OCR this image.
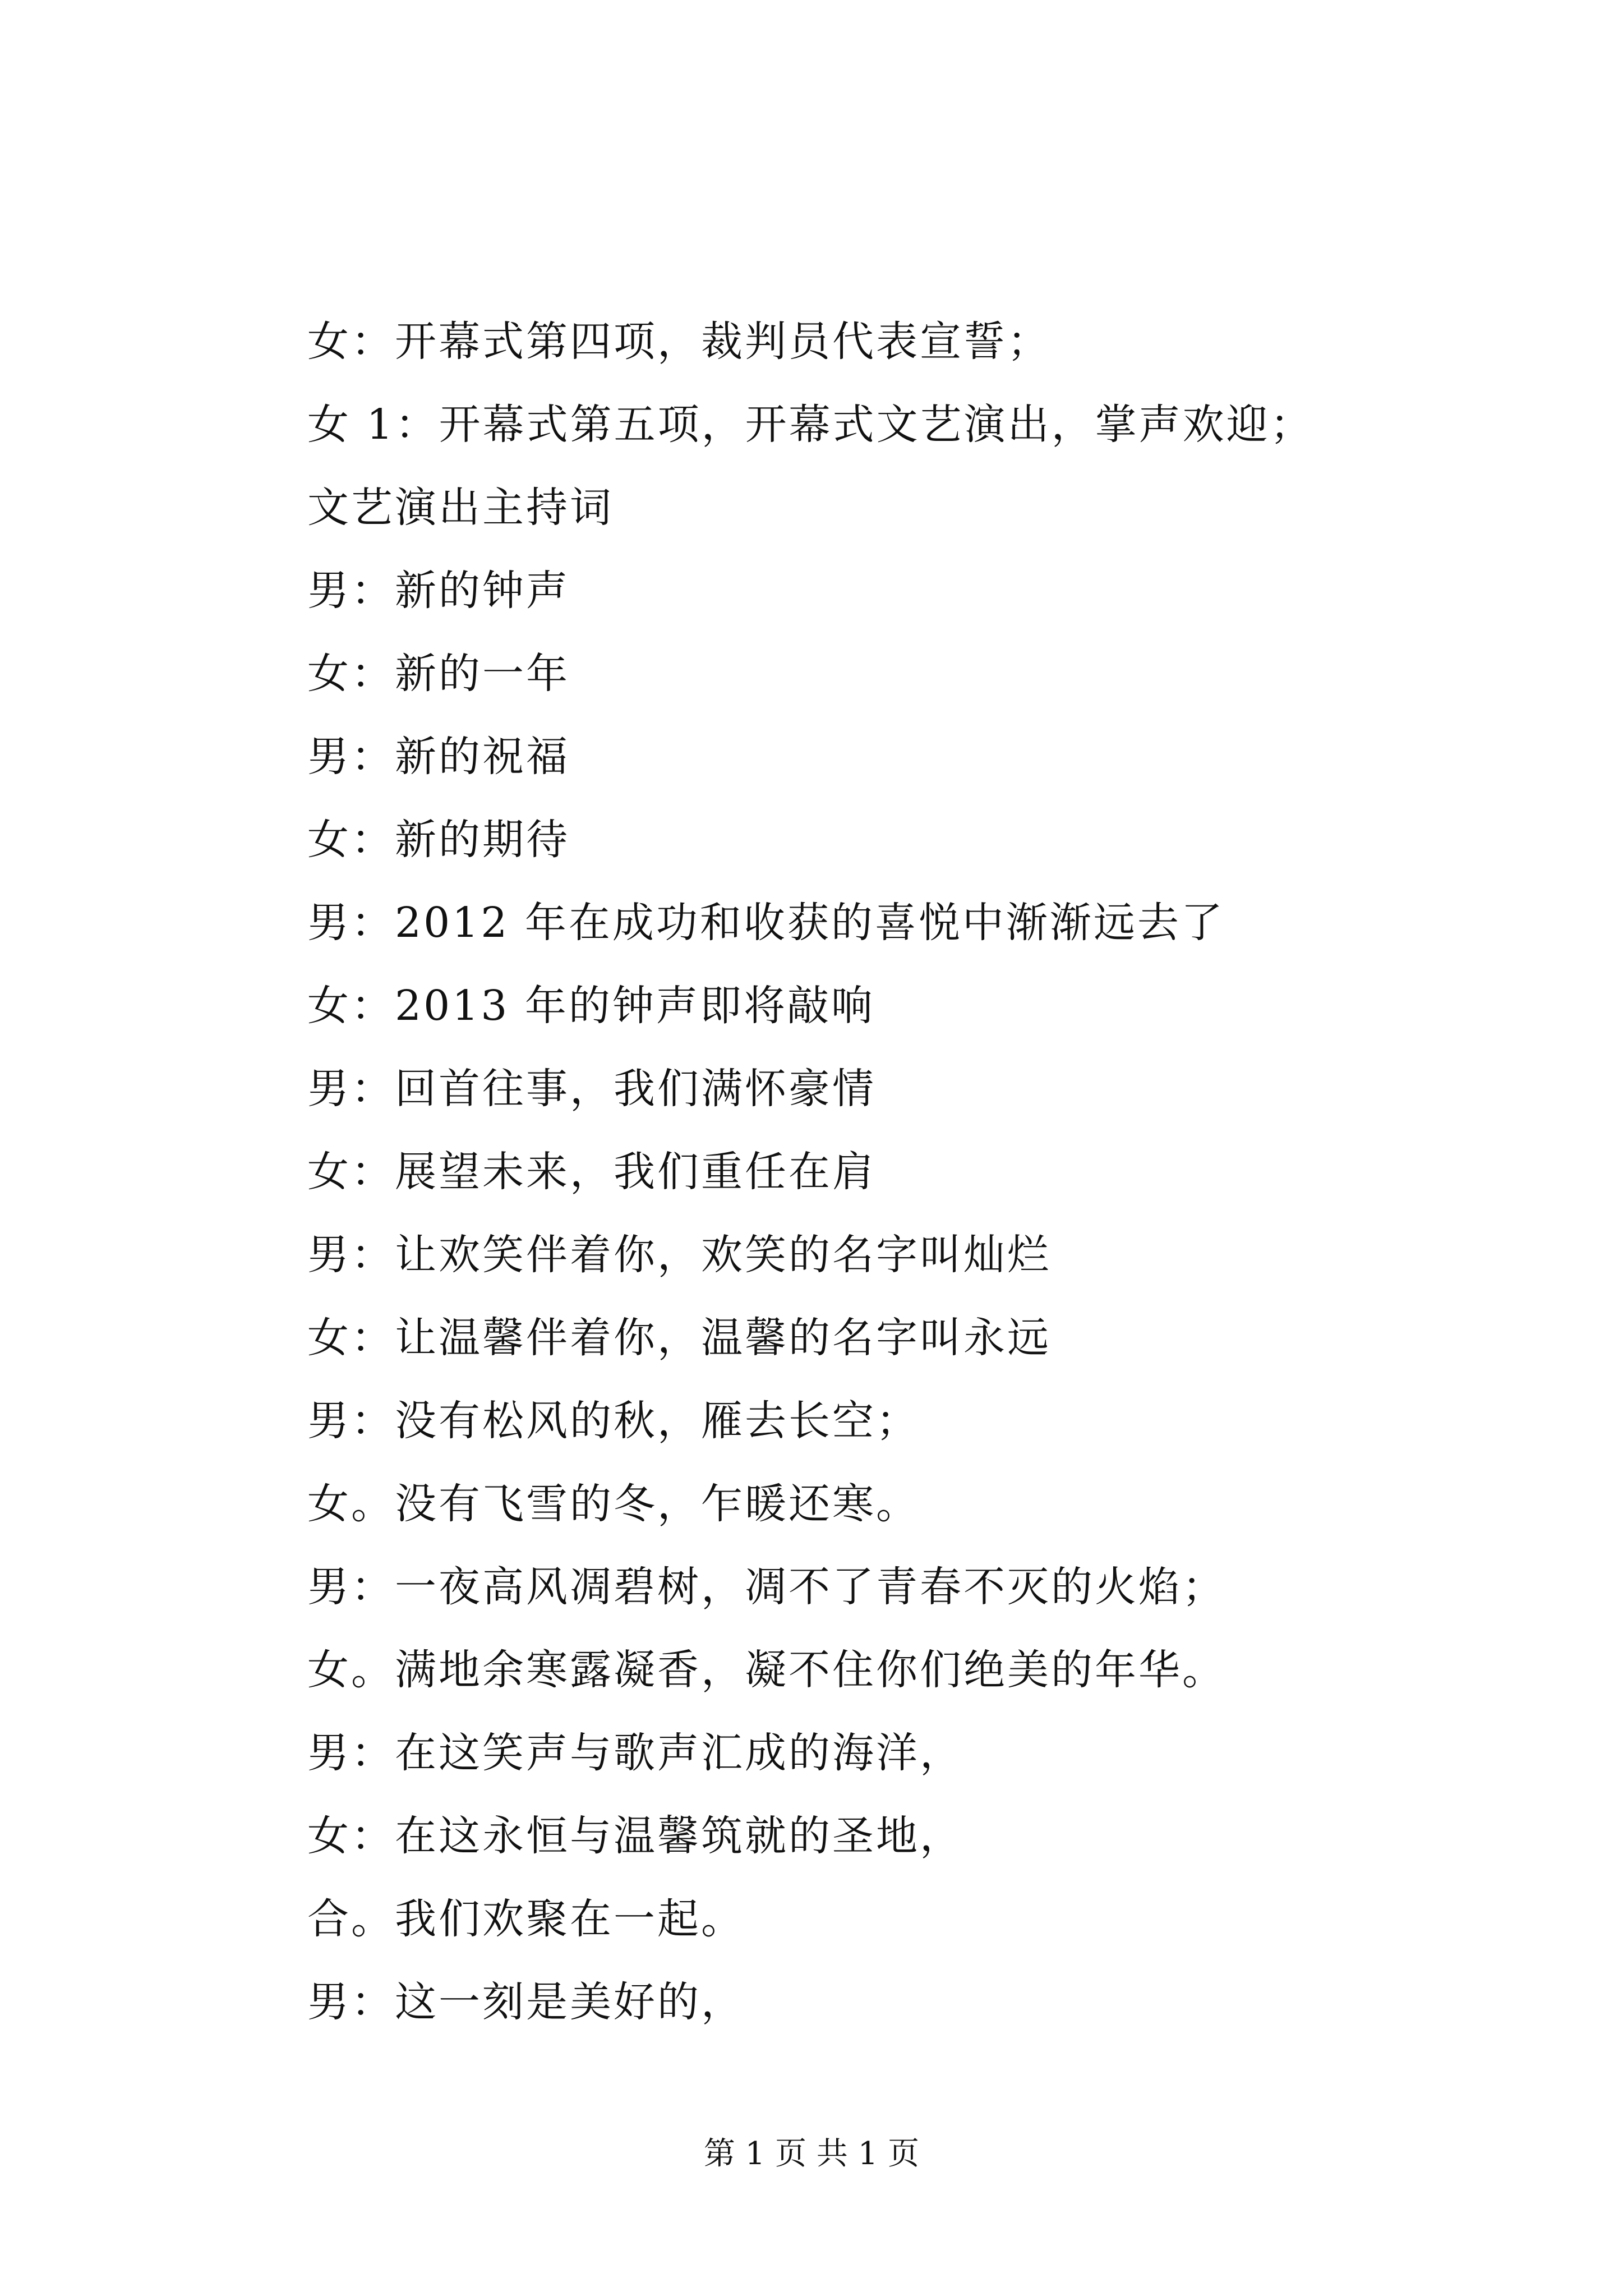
女：开幕式第四项，裁判员代表宣誓；
女 1：开幕式第五项，开幕式文艺演出，掌声欢迎；
文艺演出主持词
男：新的钟声
女：新的一年
男：新的祝福
女：新的期待
男：2012 年在成功和收获的喜悦中渐渐远去了
女：2013 年的钟声即将敲响
男：回首往事，我们满怀豪情
女：展望未来，我们重任在肩
男：让欢笑伴着你，欢笑的名字叫灿烂
女：让温馨伴着你，温馨的名字叫永远
男：没有松风的秋，雁去长空；
女。没有飞雪的冬，乍暖还寒。
男：一夜高风凋碧树，凋不了青春不灭的火焰；
女。满地余寒露凝香，凝不住你们绝美的年华。
男：在这笑声与歌声汇成的海洋，
女：在这永恒与温馨筑就的圣地，
合。我们欢聚在一起。
男：这一刻是美好的，
第 1 页 共 1 页
